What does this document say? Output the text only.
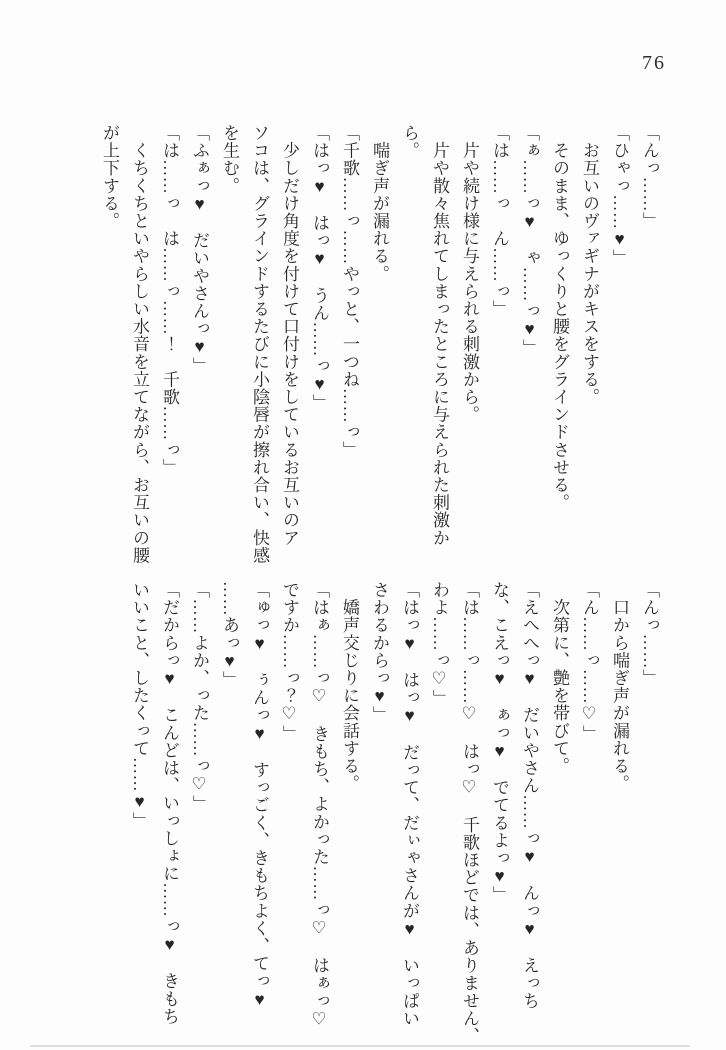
76

「んっ……」

「ひゃっ……♥」

　お互いのヴァギナがキスをする。

　そのまま、ゆっくりと腰をグラインドさせる。

「ぁ……っ♥　ゃ……っ♥」

「は……っ　ん……っ」

　片や続け様に与えられる刺激から。

　片や散々焦れてしまったところに与えられた刺激か

ら。

　喘ぎ声が漏れる。

「千歌……っ……やっと、一つね……っ」

「はっ♥　はっ♥　うん……っ♥」

　少しだけ角度を付けて口付けをしているお互いのア

ソコは、グラインドするたびに小陰唇が擦れ合い、快感

を生む。

「ふぁっ♥　だいやさんっ♥」

「は……っ　は……っ……！　千歌……っ」

　くちくちといやらしい水音を立てながら、お互いの腰

が上下する。

「んっ……」

　口から喘ぎ声が漏れる。

「ん……っ……♡」

　次第に、艶を帯びて。

「えへへっ♥　だいやさん……っ♥　んっ♥　えっち

な、こえっ♥　ぁっ♥　でてるよっ♥」

「は……っ……♡　はっ♡　千歌ほどでは、ありません、

わよ……っ♡」

「はっ♥　はっ♥　だって、だぃゃさんが♥　いっぱい

さわるからっ♥」

　嬌声交じりに会話する。

「はぁ……っ♡　きもち、よかった……っ♡　はぁっ♡

ですか……っ？♡」

「ゅっ♥　ぅんっ♥　すっごく、きもちよく、てっ♥

……あっ♥」

「……よか、った……っ♡」

「だからっ♥　こんどは、いっしょに……っ♥　きもち

いいこと、したくって……♥」
